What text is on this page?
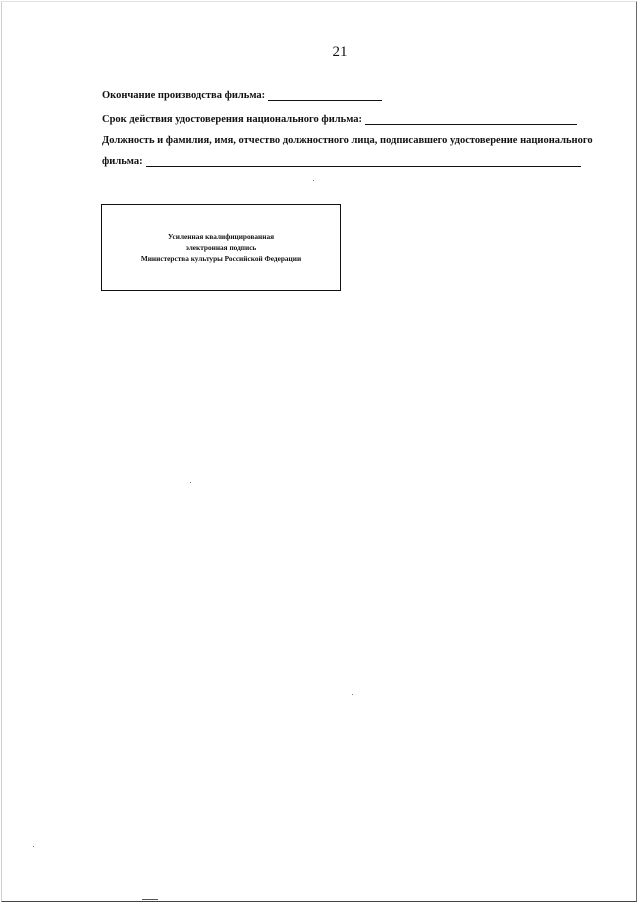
21
Окончание производства фильма:
Срок действия удостоверения национального фильма:
Должность и фамилия, имя, отчество должностного лица, подписавшего удостоверение национального
фильма:
Усиленная квалифицированная
электронная подпись
Министерства культуры Российской Федерации
